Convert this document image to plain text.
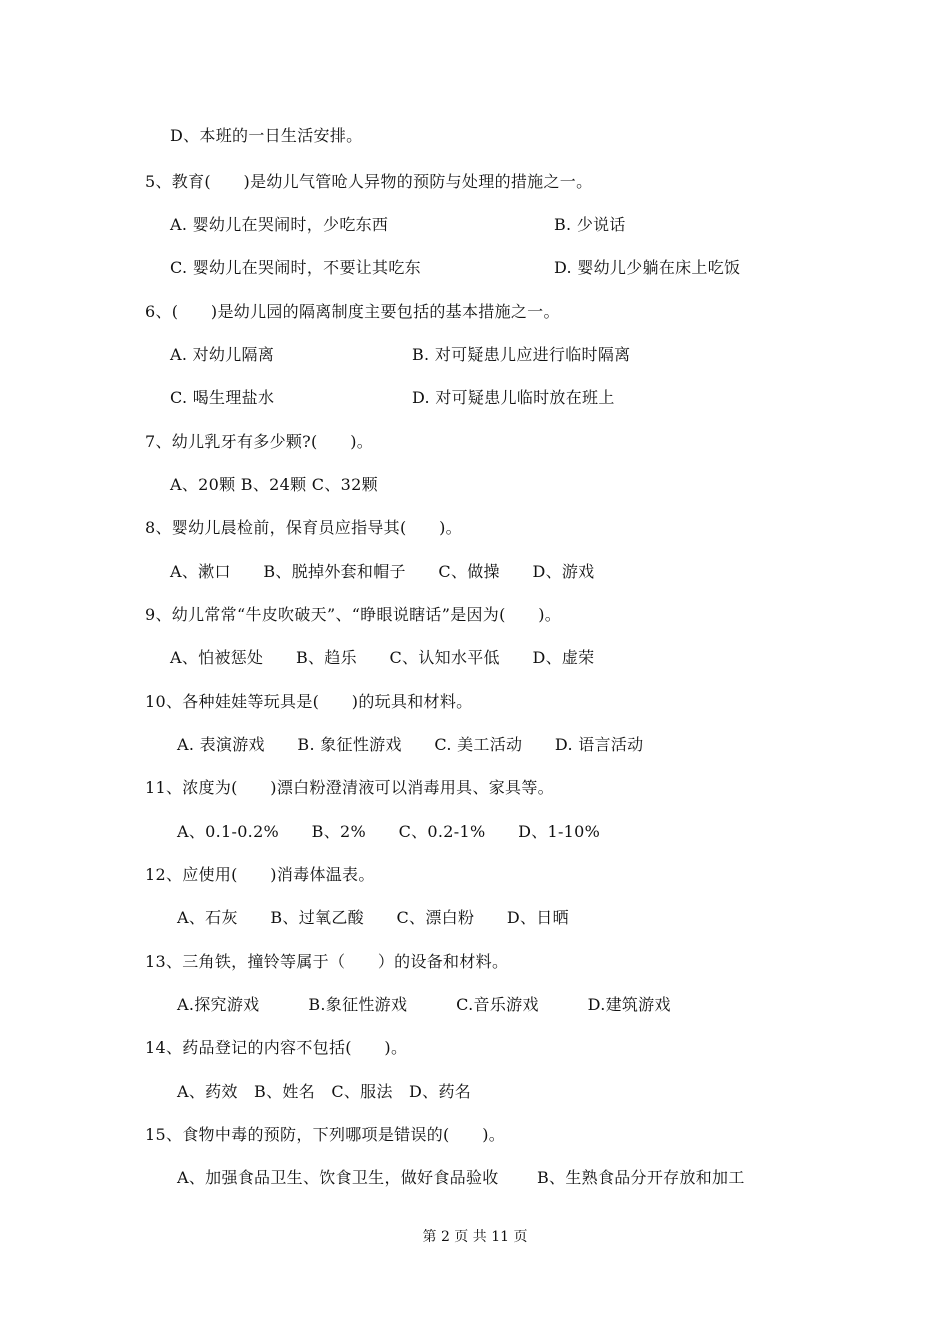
D、本班的一日生活安排。
5、教育(　　)是幼儿气管呛人异物的预防与处理的措施之一。
A. 婴幼儿在哭闹时，少吃东西	B. 少说话
C. 婴幼儿在哭闹时，不要让其吃东	D. 婴幼儿少躺在床上吃饭
6、(　　)是幼儿园的隔离制度主要包括的基本措施之一。
A. 对幼儿隔离	B. 对可疑患儿应进行临时隔离
C. 喝生理盐水	D. 对可疑患儿临时放在班上
7、幼儿乳牙有多少颗?(　　)。
A、20颗 B、24颗 C、32颗
8、婴幼儿晨检前，保育员应指导其(　　)。
A、漱口　　B、脱掉外套和帽子　　C、做操　　D、游戏
9、幼儿常常“牛皮吹破天”、“睁眼说瞎话”是因为(　　)。
A、怕被惩处　　B、趋乐　　C、认知水平低　　D、虚荣
10、各种娃娃等玩具是(　　)的玩具和材料。
A. 表演游戏　　B. 象征性游戏　　C. 美工活动　　D. 语言活动
11、浓度为(　　)漂白粉澄清液可以消毒用具、家具等。
A、0.1-0.2%　　B、2%　　C、0.2-1%　　D、1-10%
12、应使用(　　)消毒体温表。
A、石灰　　B、过氧乙酸　　C、漂白粉　　D、日晒
13、三角铁，撞铃等属于（　　）的设备和材料。
A.探究游戏　　　B.象征性游戏　　　C.音乐游戏　　　D.建筑游戏
14、药品登记的内容不包括(　　)。
A、药效　B、姓名　C、服法　D、药名
15、食物中毒的预防，下列哪项是错误的(　　)。
A、加强食品卫生、饮食卫生，做好食品验收 B、生熟食品分开存放和加工
第 2 页 共 11 页
